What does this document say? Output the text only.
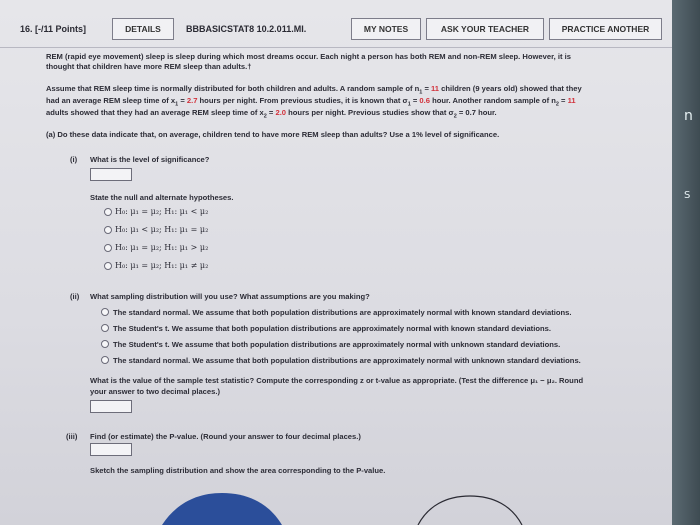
n
S
16. [-/11 Points]	DETAILS	BBBASICSTAT8 10.2.011.MI.	MY NOTES	ASK YOUR TEACHER	PRACTICE ANOTHER
REM (rapid eye movement) sleep is sleep during which most dreams occur. Each night a person has both REM and non-REM sleep. However, it is
thought that children have more REM sleep than adults.†
Assume that REM sleep time is normally distributed for both children and adults. A random sample of $n_1 = 11$ children (9 years old) showed that they
had an average REM sleep time of $x_1 = 2.7$ hours per night. From previous studies, it is known that $\sigma_1 = 0.6$ hour. Another random sample of $n_2 = 11$
adults showed that they had an average REM sleep time of $x_2 = 2.0$ hours per night. Previous studies show that $\sigma_2 = 0.7$ hour.
(a) Do these data indicate that, on average, children tend to have more REM sleep than adults? Use a 1% level of significance.
(i) What is the level of significance?
State the null and alternate hypotheses.
H₀: μ₁ = μ₂; H₁: μ₁ < μ₂
H₀: μ₁ < μ₂; H₁: μ₁ = μ₂
H₀: μ₁ = μ₂; H₁: μ₁ > μ₂
H₀: μ₁ = μ₂; H₁: μ₁ ≠ μ₂
(ii) What sampling distribution will you use? What assumptions are you making?
The standard normal. We assume that both population distributions are approximately normal with known standard deviations.
The Student's t. We assume that both population distributions are approximately normal with known standard deviations.
The Student's t. We assume that both population distributions are approximately normal with unknown standard deviations.
The standard normal. We assume that both population distributions are approximately normal with unknown standard deviations.
What is the value of the sample test statistic? Compute the corresponding z or t-value as appropriate. (Test the difference μ₁ − μ₂. Round
your answer to two decimal places.)
(iii) Find (or estimate) the P-value. (Round your answer to four decimal places.)
Sketch the sampling distribution and show the area corresponding to the P-value.
